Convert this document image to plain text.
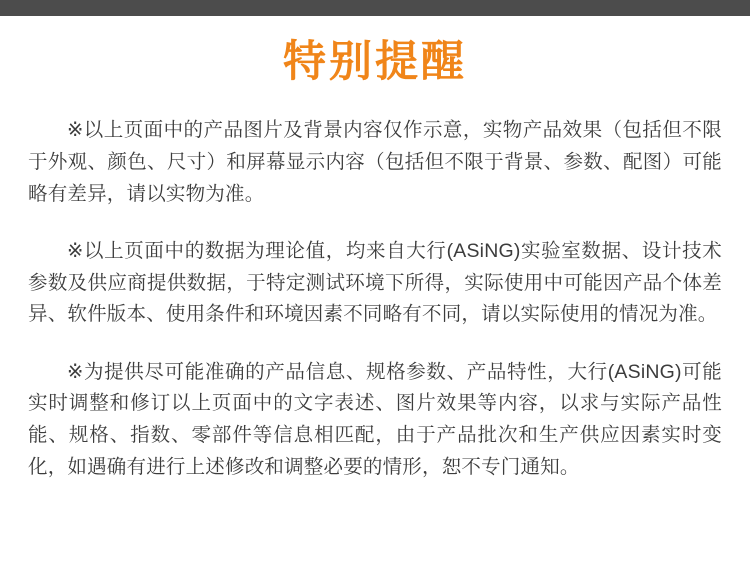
特别提醒

※以上页面中的产品图片及背景内容仅作示意，实物产品效果（包括但不限于外观、颜色、尺寸）和屏幕显示内容（包括但不限于背景、参数、配图）可能略有差异，请以实物为准。

※以上页面中的数据为理论值，均来自大行(ASiNG)实验室数据、设计技术参数及供应商提供数据，于特定测试环境下所得，实际使用中可能因产品个体差异、软件版本、使用条件和环境因素不同略有不同，请以实际使用的情况为准。

※为提供尽可能准确的产品信息、规格参数、产品特性，大行(ASiNG)可能实时调整和修订以上页面中的文字表述、图片效果等内容，以求与实际产品性能、规格、指数、零部件等信息相匹配，由于产品批次和生产供应因素实时变化，如遇确有进行上述修改和调整必要的情形，恕不专门通知。
